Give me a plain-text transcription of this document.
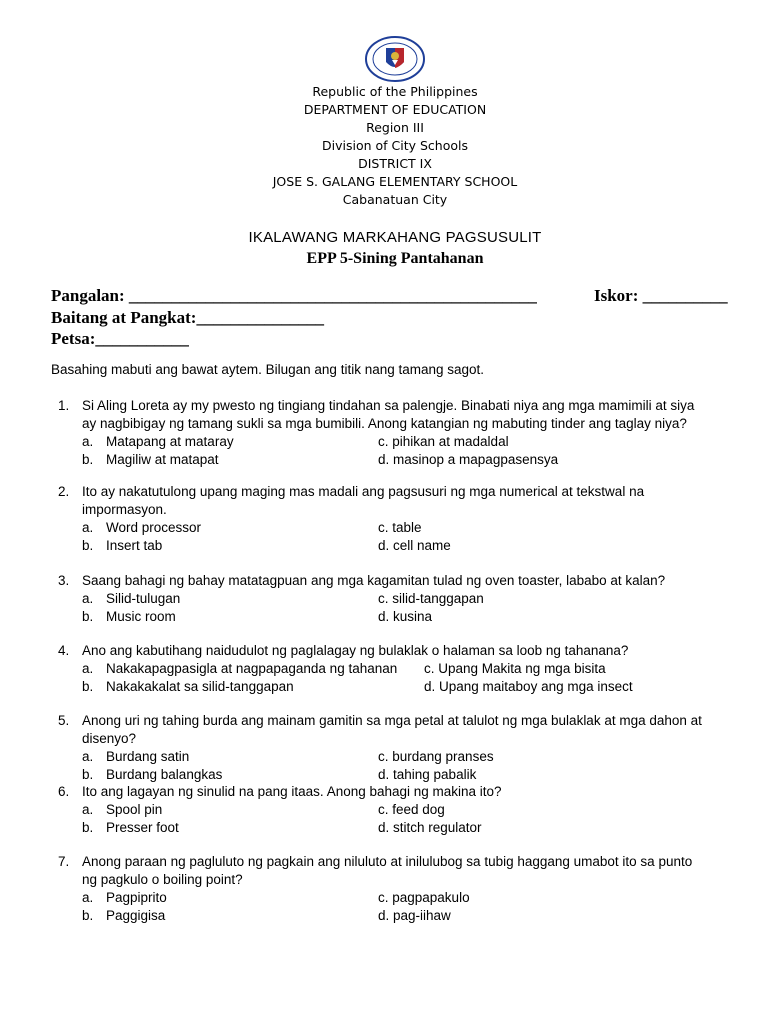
Republic of the Philippines
DEPARTMENT OF EDUCATION
Region III
Division of City Schools
DISTRICT IX
JOSE S. GALANG ELEMENTARY SCHOOL
Cabanatuan City
IKALAWANG MARKAHANG PAGSUSULIT
EPP 5-Sining Pantahanan
Pangalan: ________________________________________________	Iskor: __________
Baitang at Pangkat:_______________
Petsa:___________
Basahing mabuti ang bawat aytem. Bilugan ang titik nang tamang sagot.
1. Si Aling Loreta ay my pwesto ng tingiang tindahan sa palengje. Binabati niya ang mga mamimili at siya
ay nagbibigay ng tamang sukli sa mga bumibili. Anong katangian ng mabuting tinder ang taglay niya?
a. Matapang at mataray
b. Magiliw at matapat
c. pihikan at madaldal
d. masinop a mapagpasensya
2. Ito ay nakatutulong upang maging mas madali ang pagsusuri ng mga numerical at tekstwal na
impormasyon.
a. Word processor
b. Insert tab
c. table
d. cell name
3. Saang bahagi ng bahay matatagpuan ang mga kagamitan tulad ng oven toaster, lababo at kalan?
a. Silid-tulugan
b. Music room
c. silid-tanggapan
d. kusina
4. Ano ang kabutihang naidudulot ng paglalagay ng bulaklak o halaman sa loob ng tahanana?
a. Nakakapagpasigla at nagpapaganda ng tahanan
b. Nakakakalat sa silid-tanggapan
c. Upang Makita ng mga bisita
d. Upang maitaboy ang mga insect
5. Anong uri ng tahing burda ang mainam gamitin sa mga petal at talulot ng mga bulaklak at mga dahon at
disenyo?
a. Burdang satin
b. Burdang balangkas
c. burdang pranses
d. tahing pabalik
6. Ito ang lagayan ng sinulid na pang itaas. Anong bahagi ng makina ito?
a. Spool pin
b. Presser foot
c. feed dog
d. stitch regulator
7. Anong paraan ng pagluluto ng pagkain ang niluluto at inilulubog sa tubig haggang umabot ito sa punto
ng pagkulo o boiling point?
a. Pagpiprito
b. Paggigisa
c. pagpapakulo
d. pag-iihaw
